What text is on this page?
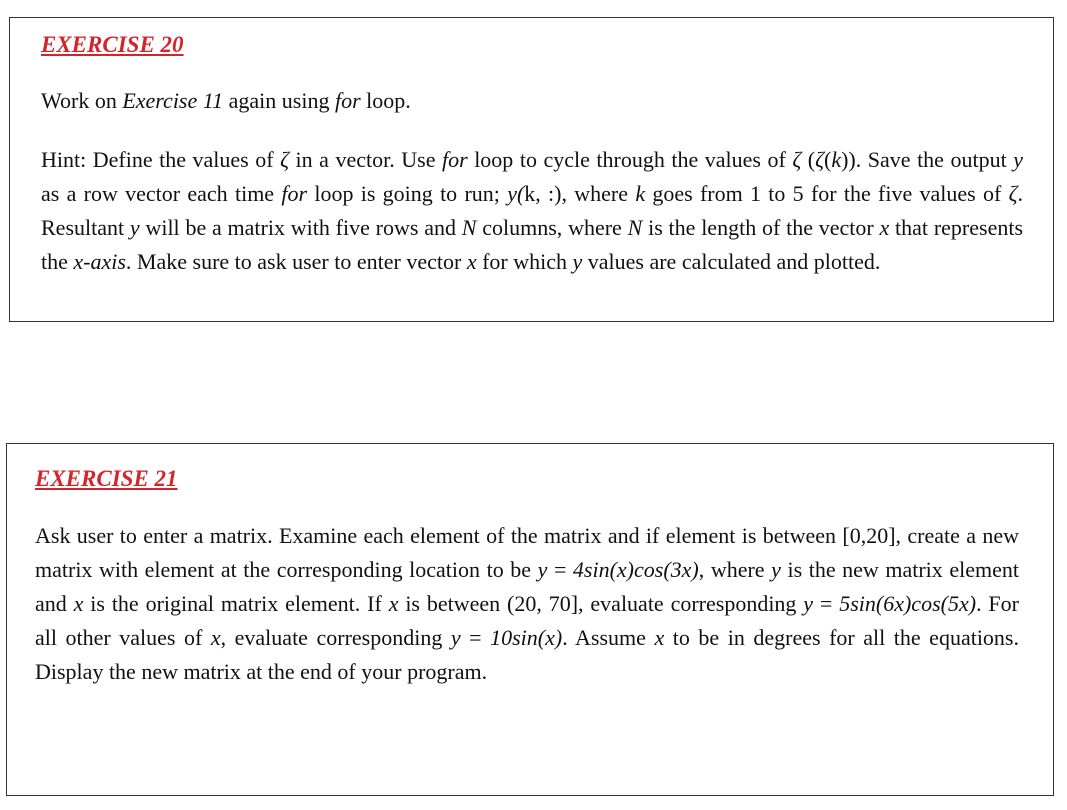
EXERCISE 20

Work on Exercise 11 again using for loop.

Hint: Define the values of ζ in a vector. Use for loop to cycle through the values of ζ (ζ(k)). Save the output y as a row vector each time for loop is going to run; y(k, :), where k goes from 1 to 5 for the five values of ζ. Resultant y will be a matrix with five rows and N columns, where N is the length of the vector x that represents the x-axis. Make sure to ask user to enter vector x for which y values are calculated and plotted.

EXERCISE 21

Ask user to enter a matrix. Examine each element of the matrix and if element is between [0,20], create a new matrix with element at the corresponding location to be y = 4sin(x)cos(3x), where y is the new matrix element and x is the original matrix element. If x is between (20, 70], evaluate corresponding y = 5sin(6x)cos(5x). For all other values of x, evaluate corresponding y = 10sin(x). Assume x to be in degrees for all the equations. Display the new matrix at the end of your program.
